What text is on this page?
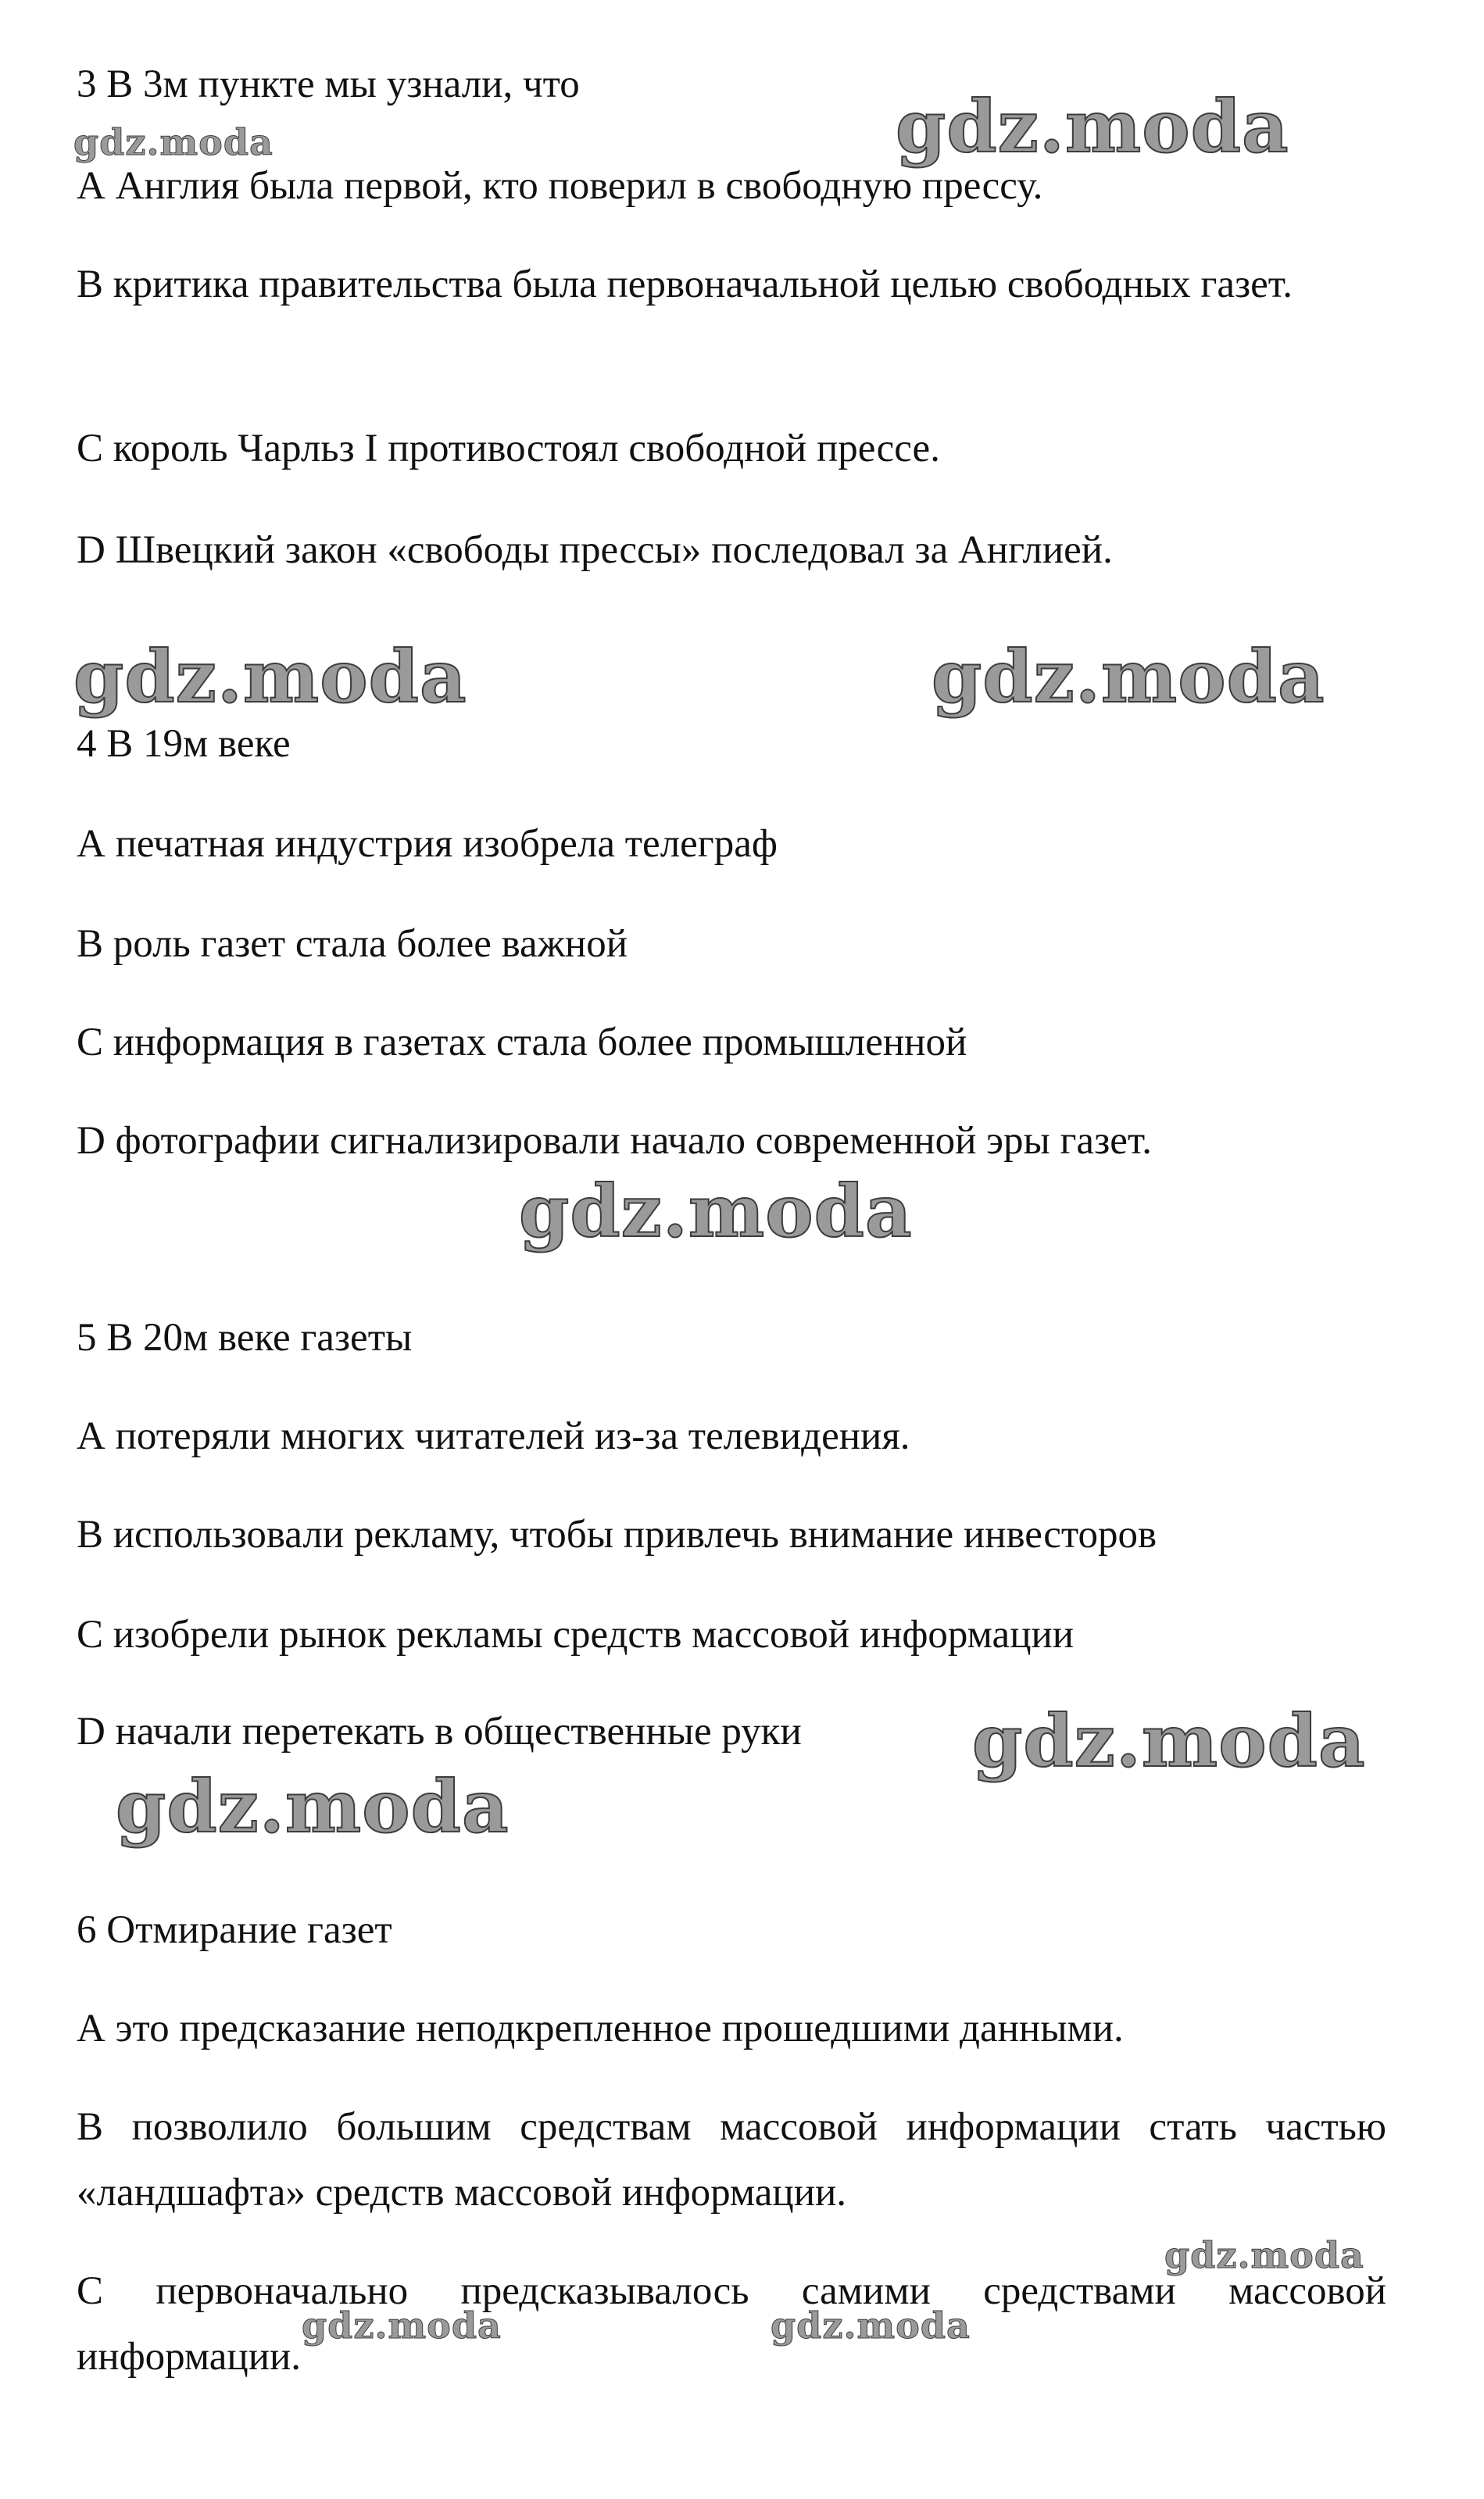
3 В 3м пункте мы узнали, что
А Англия была первой, кто поверил в свободную прессу.
В критика правительства была первоначальной целью свободных газет.
С король Чарльз I противостоял свободной прессе.
D Швецкий закон «свободы прессы» последовал за Англией.
4 В 19м веке
А печатная индустрия изобрела телеграф
В роль газет стала более важной
С информация в газетах стала более промышленной
D фотографии сигнализировали начало современной эры газет.
5 В 20м веке газеты
А потеряли многих читателей из-за телевидения.
В использовали рекламу, чтобы привлечь внимание инвесторов
С изобрели рынок рекламы средств массовой информации
D начали перетекать в общественные руки
6 Отмирание газет
А это предсказание неподкрепленное прошедшими данными.
В позволило большим средствам массовой информации стать частью «ландшафта» средств массовой информации.
С первоначально предсказывалось самими средствами массовой информации.
gdz.moda	gdz.moda
gdz.moda	gdz.moda
gdz.moda
gdz.moda
gdz.moda
gdz.moda
gdz.moda	gdz.moda
